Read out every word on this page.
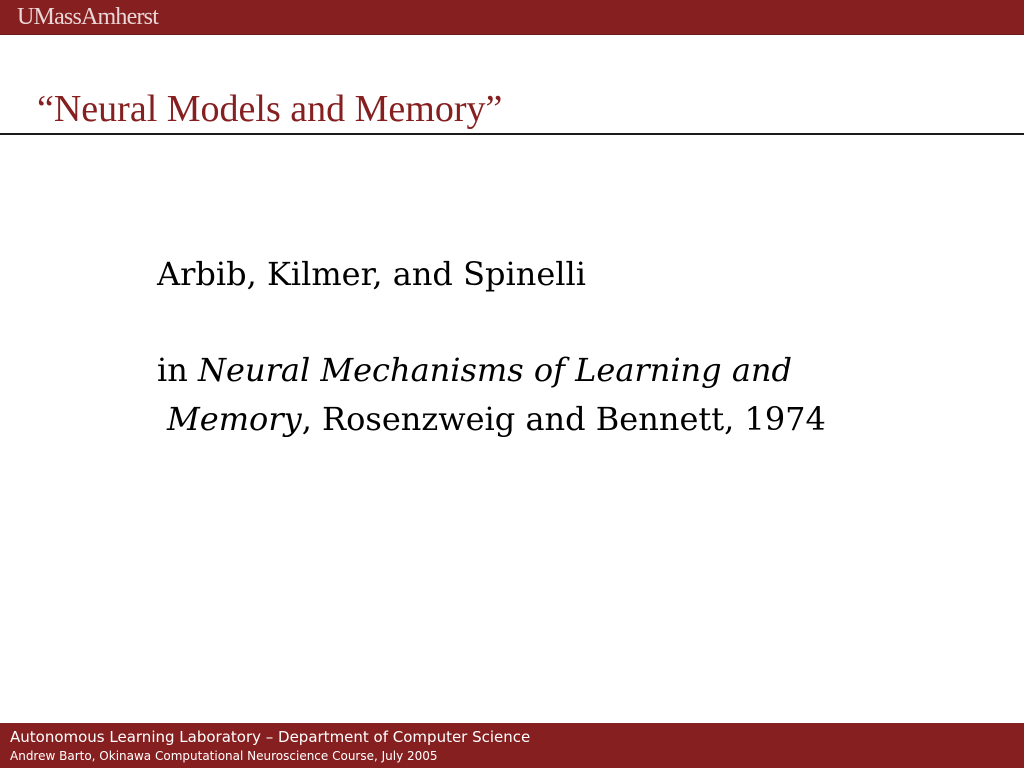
UMassAmherst
“Neural Models and Memory”

Arbib, Kilmer, and Spinelli

in Neural Mechanisms of Learning and

Memory, Rosenzweig and Bennett, 1974

Autonomous Learning Laboratory – Department of Computer Science
Andrew Barto, Okinawa Computational Neuroscience Course, July 2005
